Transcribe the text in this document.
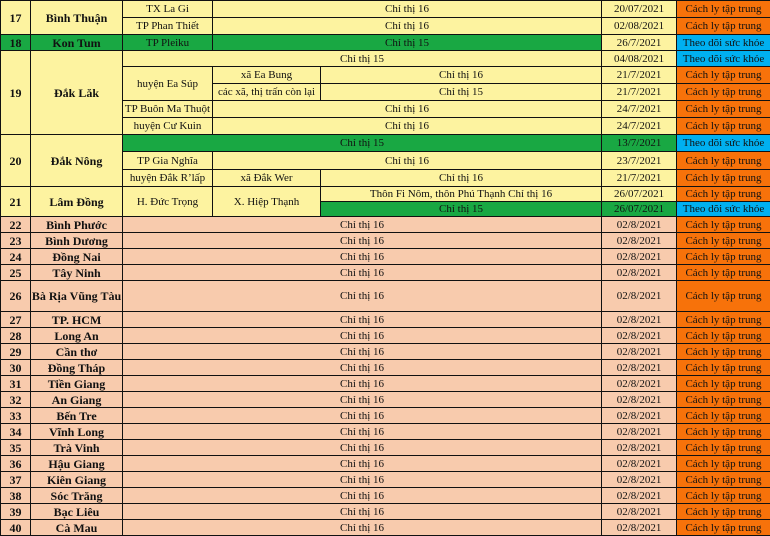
17	Bình Thuận	TX La Gi	Chỉ thị 16		20/07/2021	Cách ly tập trung
		TP Phan Thiết	Chỉ thị 16		02/08/2021	Cách ly tập trung
18	Kon Tum	TP Pleiku	Chỉ thị 15		26/7/2021	Theo dõi sức khỏe
19	Đắk Lăk	Chỉ thị 15			04/08/2021	Theo dõi sức khỏe
		huyện Ea Súp	xã Ea Bung	Chỉ thị 16	21/7/2021	Cách ly tập trung
			các xã, thị trấn còn lại	Chỉ thị 15	21/7/2021	Cách ly tập trung
		TP Buôn Ma Thuột	Chỉ thị 16		24/7/2021	Cách ly tập trung
		huyện Cư Kuin	Chỉ thị 16		24/7/2021	Cách ly tập trung
20	Đắk Nông	Chỉ thị 15			13/7/2021	Theo dõi sức khỏe
		TP Gia Nghĩa	Chỉ thị 16		23/7/2021	Cách ly tập trung
		huyện Đắk R’lấp	xã Đắk Wer	Chỉ thị 16	21/7/2021	Cách ly tập trung
21	Lâm Đồng	H. Đức Trọng	X. Hiệp Thạnh	Thôn Fi Nôm, thôn Phú Thạnh Chỉ thị 16	26/07/2021	Cách ly tập trung
				Chỉ thị 15	26/07/2021	Theo dõi sức khỏe
22	Bình Phước	Chỉ thị 16			02/8/2021	Cách ly tập trung
23	Bình Dương	Chỉ thị 16			02/8/2021	Cách ly tập trung
24	Đồng Nai	Chỉ thị 16			02/8/2021	Cách ly tập trung
25	Tây Ninh	Chỉ thị 16			02/8/2021	Cách ly tập trung
26	Bà Rịa Vũng Tàu	Chỉ thị 16			02/8/2021	Cách ly tập trung
27	TP. HCM	Chỉ thị 16			02/8/2021	Cách ly tập trung
28	Long An	Chỉ thị 16			02/8/2021	Cách ly tập trung
29	Cần thơ	Chỉ thị 16			02/8/2021	Cách ly tập trung
30	Đồng Tháp	Chỉ thị 16			02/8/2021	Cách ly tập trung
31	Tiền Giang	Chỉ thị 16			02/8/2021	Cách ly tập trung
32	An Giang	Chỉ thị 16			02/8/2021	Cách ly tập trung
33	Bến Tre	Chỉ thị 16			02/8/2021	Cách ly tập trung
34	Vĩnh Long	Chỉ thị 16			02/8/2021	Cách ly tập trung
35	Trà Vinh	Chỉ thị 16			02/8/2021	Cách ly tập trung
36	Hậu Giang	Chỉ thị 16			02/8/2021	Cách ly tập trung
37	Kiên Giang	Chỉ thị 16			02/8/2021	Cách ly tập trung
38	Sóc Trăng	Chỉ thị 16			02/8/2021	Cách ly tập trung
39	Bạc Liêu	Chỉ thị 16			02/8/2021	Cách ly tập trung
40	Cà Mau	Chỉ thị 16			02/8/2021	Cách ly tập trung
